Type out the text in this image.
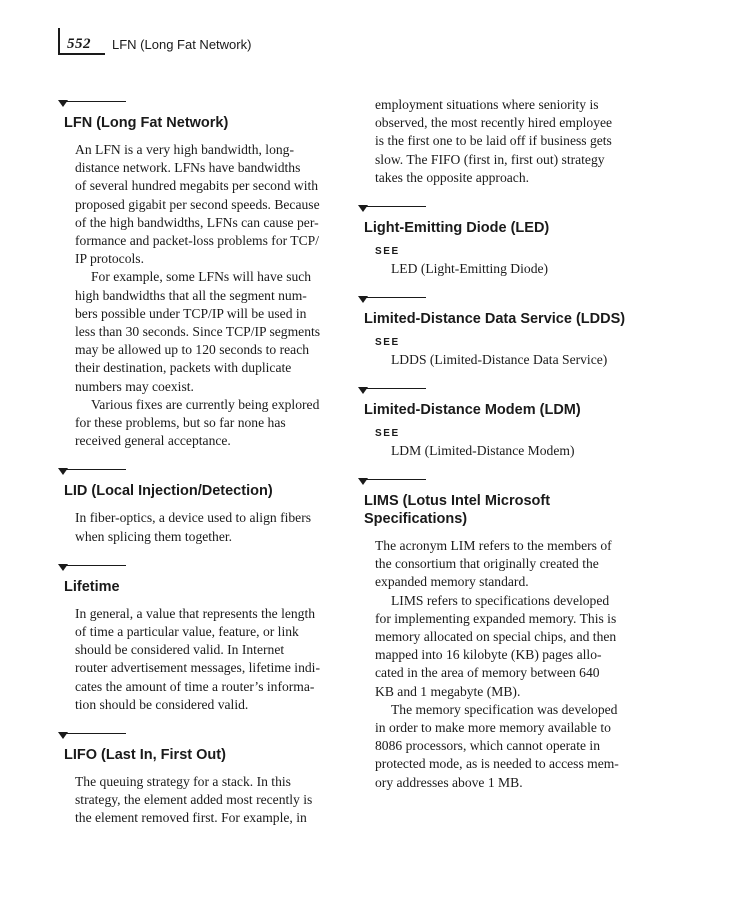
552 LFN (Long Fat Network)
LFN (Long Fat Network)

An LFN is a very high bandwidth, long-

distance network. LFNs have bandwidths

of several hundred megabits per second with

proposed gigabit per second speeds. Because

of the high bandwidths, LFNs can cause per-

formance and packet-loss problems for TCP/

IP protocols.

For example, some LFNs will have such

high bandwidths that all the segment num-

bers possible under TCP/IP will be used in

less than 30 seconds. Since TCP/IP segments

may be allowed up to 120 seconds to reach

their destination, packets with duplicate

numbers may coexist.

Various fixes are currently being explored

for these problems, but so far none has

received general acceptance.

LID (Local Injection/Detection)

In fiber-optics, a device used to align fibers

when splicing them together.

Lifetime

In general, a value that represents the length

of time a particular value, feature, or link

should be considered valid. In Internet

router advertisement messages, lifetime indi-

cates the amount of time a router’s informa-

tion should be considered valid.

LIFO (Last In, First Out)

The queuing strategy for a stack. In this

strategy, the element added most recently is

the element removed first. For example, in

employment situations where seniority is

observed, the most recently hired employee

is the first one to be laid off if business gets

slow. The FIFO (first in, first out) strategy

takes the opposite approach.

Light-Emitting Diode (LED)
SEE
LED (Light-Emitting Diode)
Limited-Distance Data Service (LDDS)
SEE
LDDS (Limited-Distance Data Service)
Limited-Distance Modem (LDM)
SEE
LDM (Limited-Distance Modem)
LIMS (Lotus Intel Microsoft
Specifications)

The acronym LIM refers to the members of

the consortium that originally created the

expanded memory standard.

LIMS refers to specifications developed

for implementing expanded memory. This is

memory allocated on special chips, and then

mapped into 16 kilobyte (KB) pages allo-

cated in the area of memory between 640

KB and 1 megabyte (MB).

The memory specification was developed

in order to make more memory available to

8086 processors, which cannot operate in

protected mode, as is needed to access mem-

ory addresses above 1 MB.
